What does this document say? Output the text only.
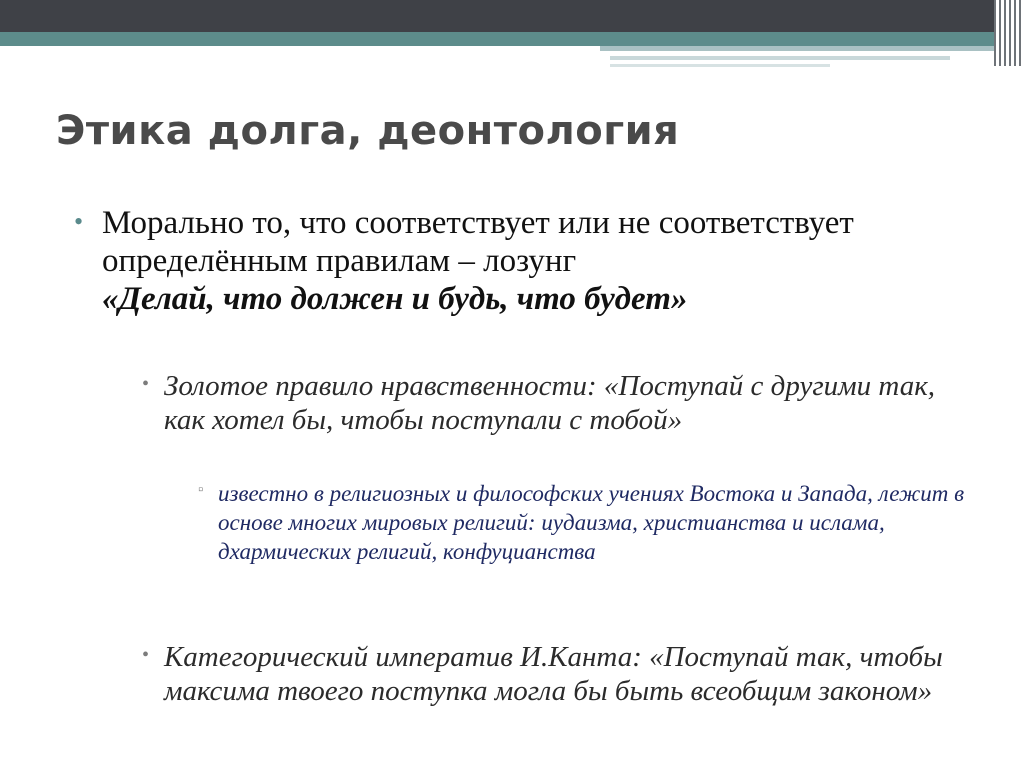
Этика долга, деонтология
• Морально то, что соответствует или не соответствует определённым правилам – лозунг
«Делай, что должен и будь, что будет»
• Золотое правило нравственности: «Поступай с другими так, как хотел бы, чтобы поступали с тобой»
▫ известно в религиозных и философских учениях Востока и Запада, лежит в основе многих мировых религий: иудаизма, христианства и ислама, дхармических религий, конфуцианства
• Категорический императив И.Канта: «Поступай так, чтобы максима твоего поступка могла бы быть всеобщим законом»
